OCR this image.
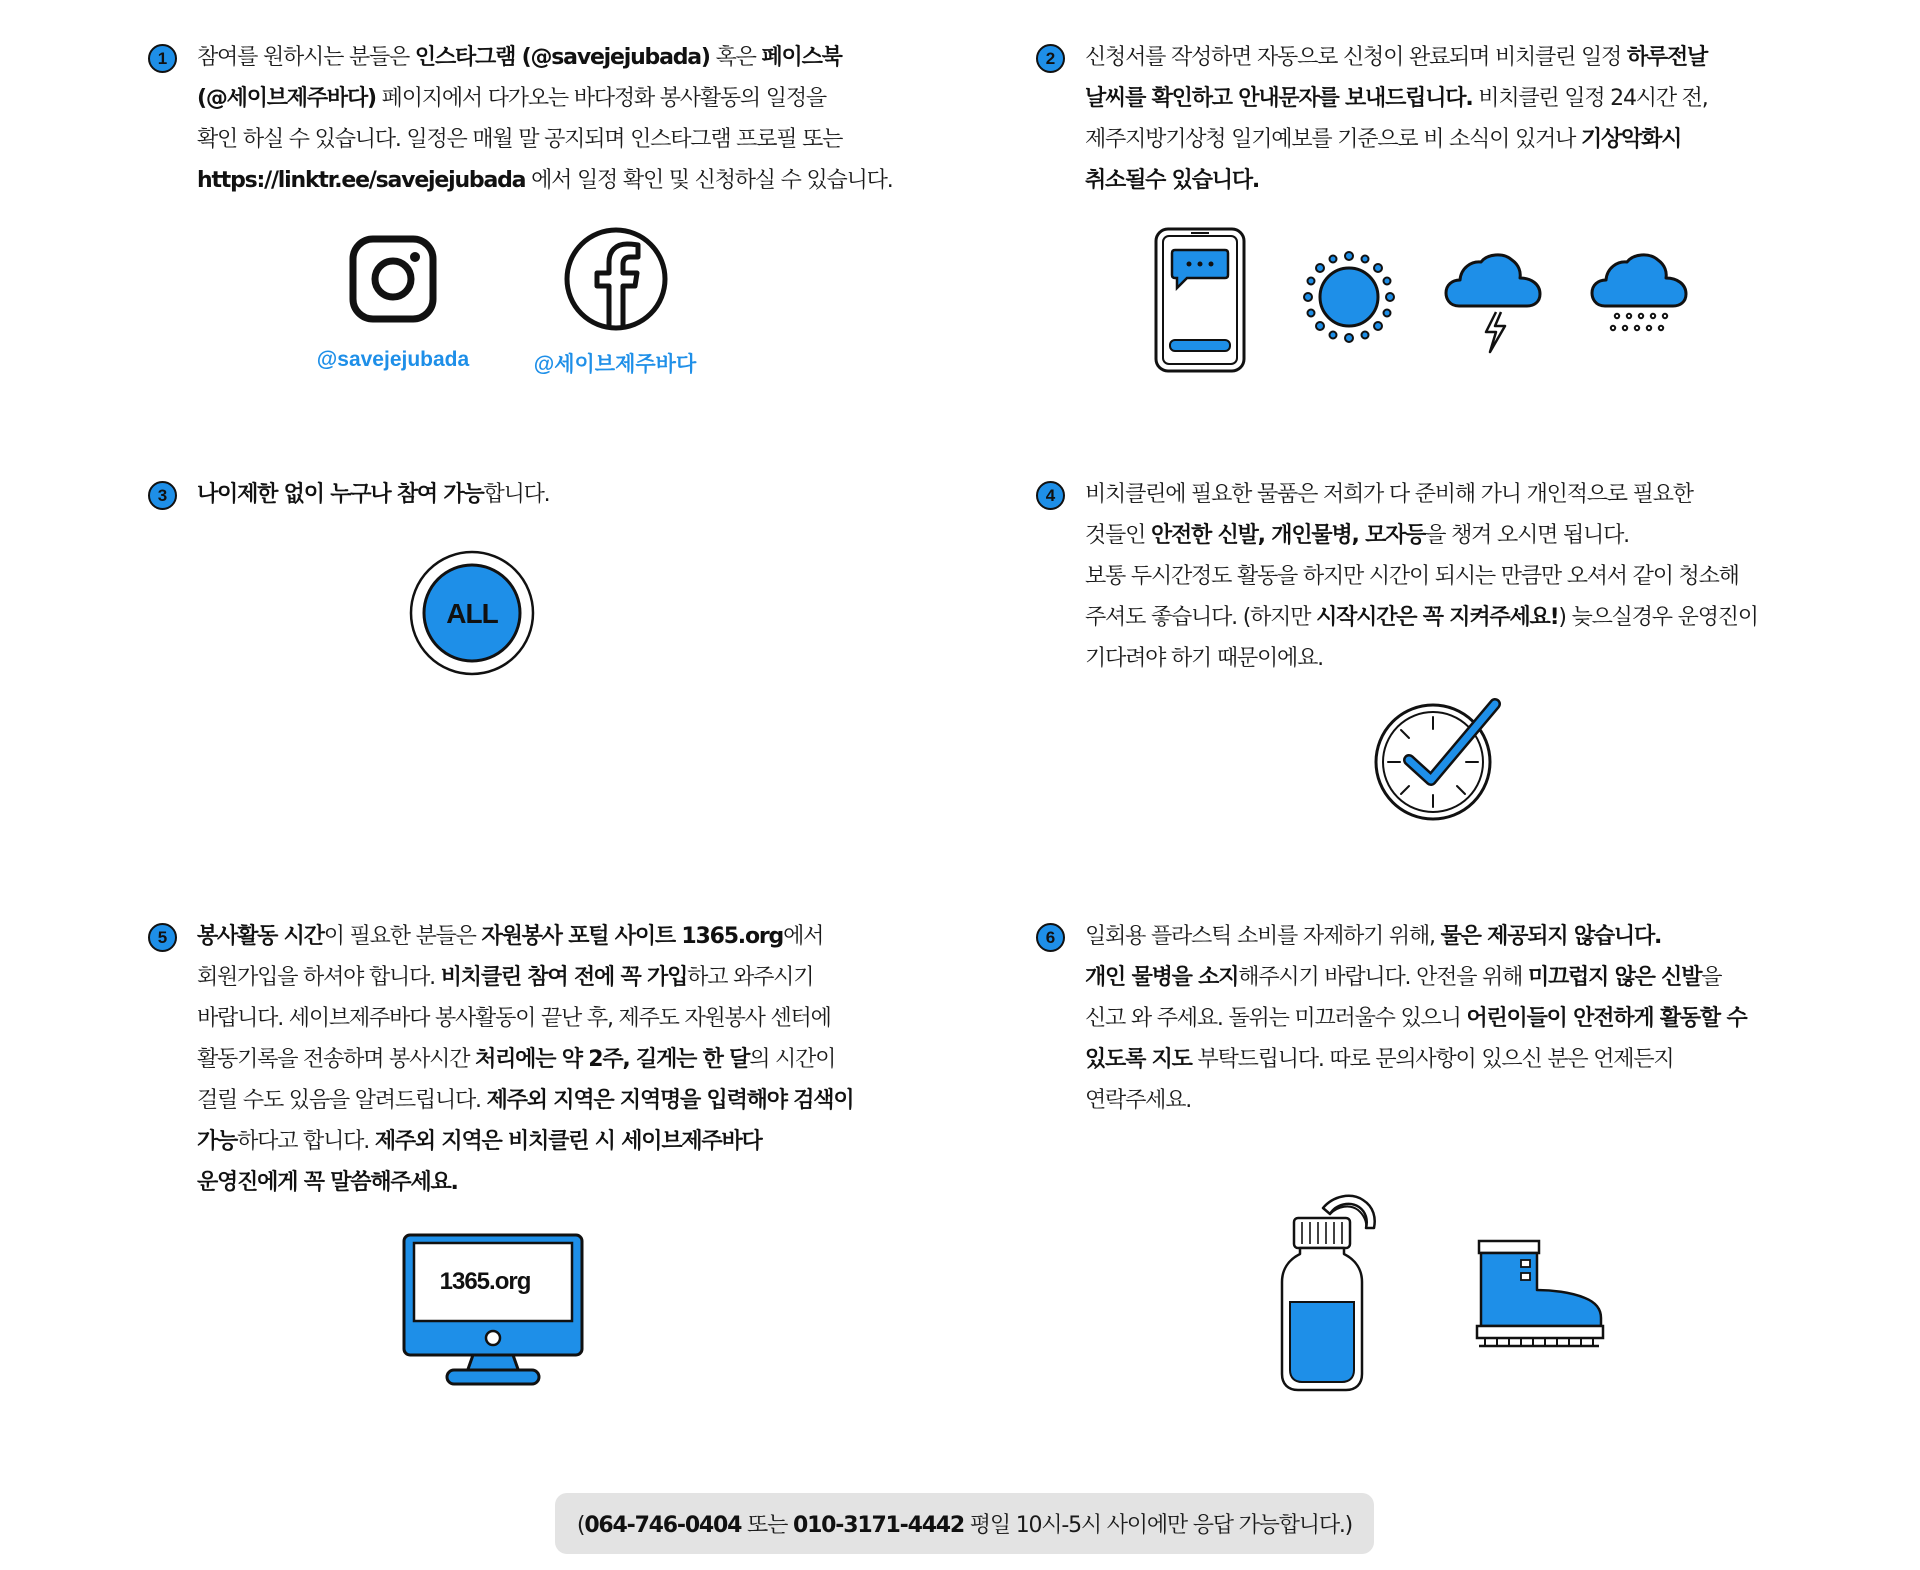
1	참여를 원하시는 분들은 인스타그램 (@savejejubada) 혹은 페이스북
(@세이브제주바다) 페이지에서 다가오는 바다정화 봉사활동의 일정을
확인 하실 수 있습니다. 일정은 매월 말 공지되며 인스타그램 프로필 또는
https://linktr.ee/savejejubada 에서 일정 확인 및 신청하실 수 있습니다.
@savejejubada	@세이브제주바다
2	신청서를 작성하면 자동으로 신청이 완료되며 비치클린 일정 하루전날
날씨를 확인하고 안내문자를 보내드립니다. 비치클린 일정 24시간 전,
제주지방기상청 일기예보를 기준으로 비 소식이 있거나 기상악화시
취소될수 있습니다.
3	나이제한 없이 누구나 참여 가능합니다.
ALL
4	비치클린에 필요한 물품은 저희가 다 준비해 가니 개인적으로 필요한
것들인 안전한 신발, 개인물병, 모자등을 챙겨 오시면 됩니다.
보통 두시간정도 활동을 하지만 시간이 되시는 만큼만 오셔서 같이 청소해
주셔도 좋습니다. (하지만 시작시간은 꼭 지켜주세요!) 늦으실경우 운영진이
기다려야 하기 때문이에요.
5	봉사활동 시간이 필요한 분들은 자원봉사 포털 사이트 1365.org에서
회원가입을 하셔야 합니다. 비치클린 참여 전에 꼭 가입하고 와주시기
바랍니다. 세이브제주바다 봉사활동이 끝난 후, 제주도 자원봉사 센터에
활동기록을 전송하며 봉사시간 처리에는 약 2주, 길게는 한 달의 시간이
걸릴 수도 있음을 알려드립니다. 제주외 지역은 지역명을 입력해야 검색이
가능하다고 합니다. 제주외 지역은 비치클린 시 세이브제주바다
운영진에게 꼭 말씀해주세요.
1365.org
6	일회용 플라스틱 소비를 자제하기 위해, 물은 제공되지 않습니다.
개인 물병을 소지해주시기 바랍니다. 안전을 위해 미끄럽지 않은 신발을
신고 와 주세요. 돌위는 미끄러울수 있으니 어린이들이 안전하게 활동할 수
있도록 지도 부탁드립니다. 따로 문의사항이 있으신 분은 언제든지
연락주세요.
(064-746-0404 또는 010-3171-4442 평일 10시-5시 사이에만 응답 가능합니다.)
